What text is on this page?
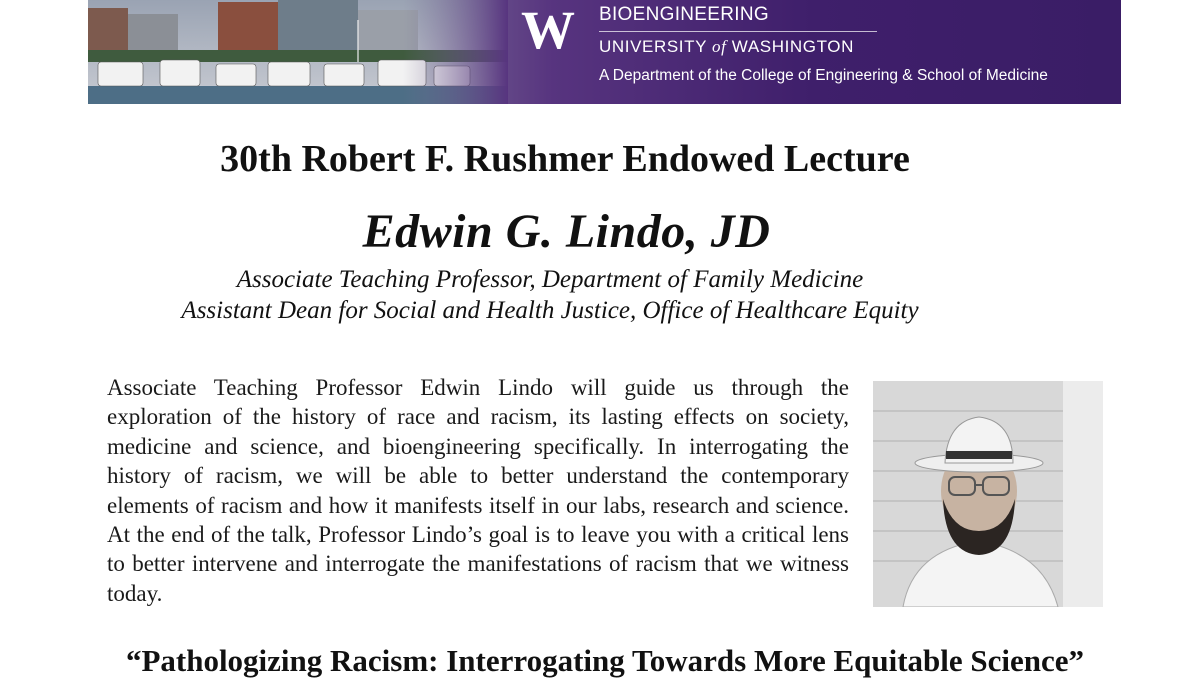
W BIOENGINEERING
UNIVERSITY of WASHINGTON
A Department of the College of Engineering & School of Medicine
30th Robert F. Rushmer Endowed Lecture
Edwin G. Lindo, JD

Associate Teaching Professor, Department of Family Medicine

Assistant Dean for Social and Health Justice, Office of Healthcare Equity

Associate Teaching Professor Edwin Lindo will guide us through the exploration of the history of race and racism, its lasting effects on society, medicine and science, and bioengineering specifically. In interrogating the history of racism, we will be able to better understand the contemporary elements of racism and how it manifests itself in our labs, research and science. At the end of the talk, Professor Lindo’s goal is to leave you with a critical lens to better intervene and interrogate the manifestations of racism that we witness today.

“Pathologizing Racism: Interrogating Towards More Equitable Science”
